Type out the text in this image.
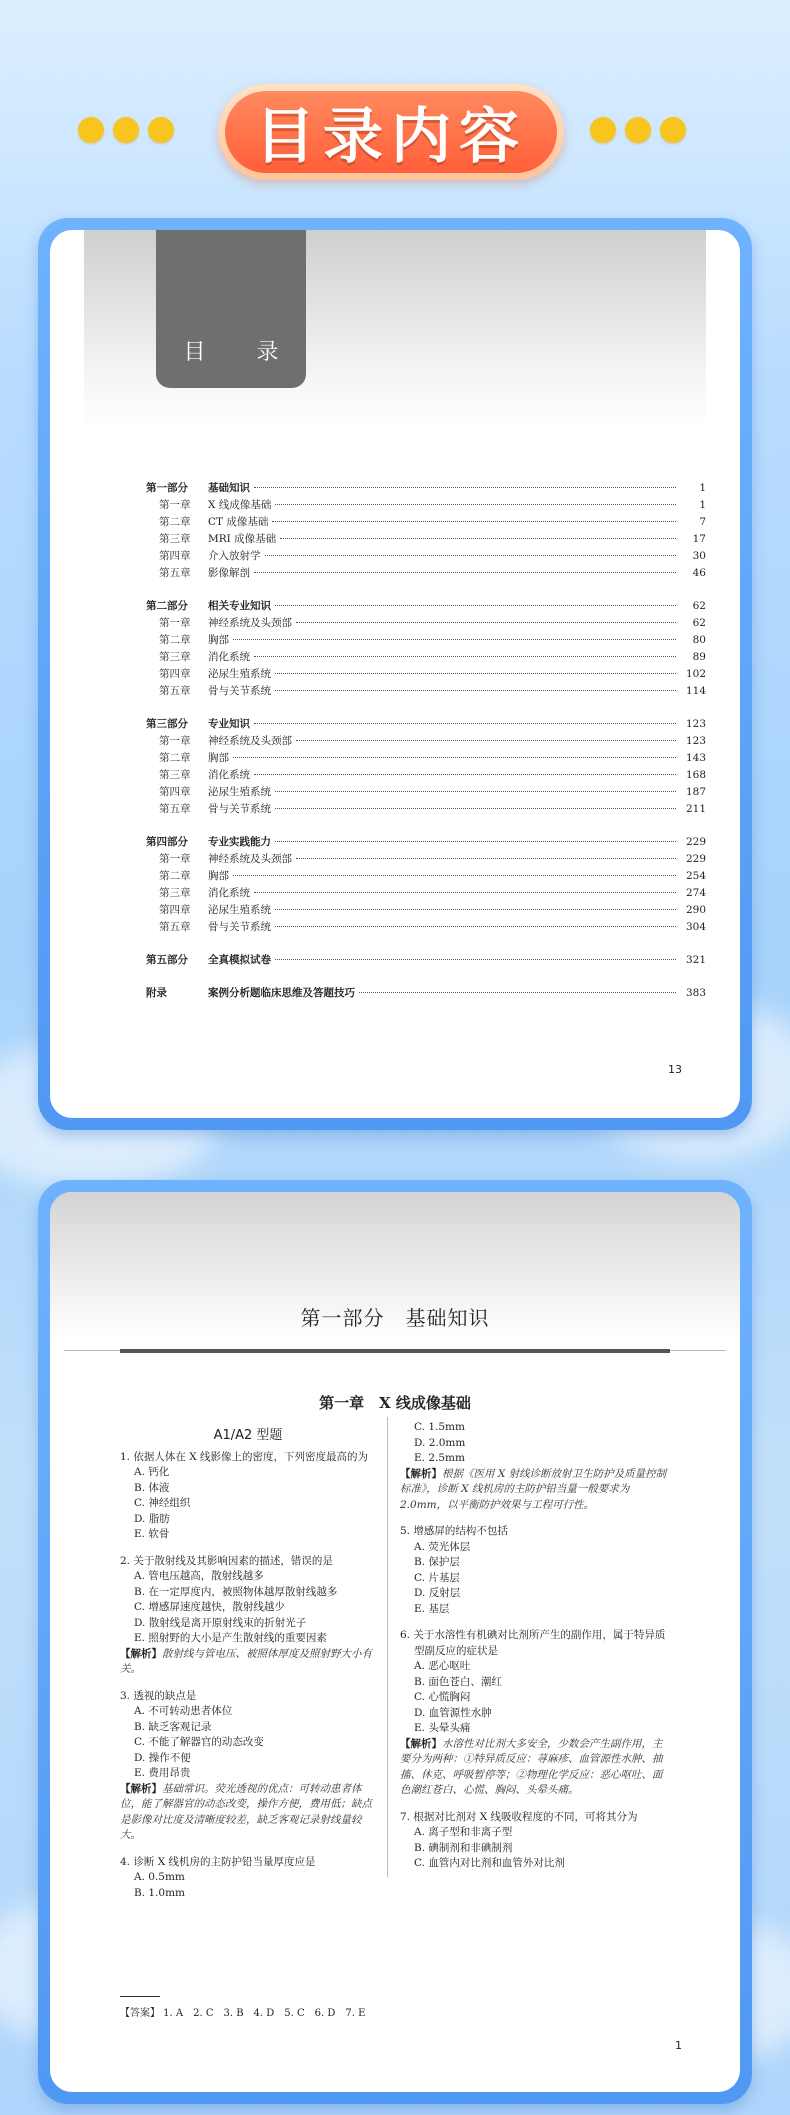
目录内容
目 录
第一部分	基础知识	1
第一章	X 线成像基础	1
第二章	CT 成像基础	7
第三章	MRI 成像基础	17
第四章	介入放射学	30
第五章	影像解剖	46
第二部分	相关专业知识	62
第一章	神经系统及头颈部	62
第二章	胸部	80
第三章	消化系统	89
第四章	泌尿生殖系统	102
第五章	骨与关节系统	114
第三部分	专业知识	123
第一章	神经系统及头颈部	123
第二章	胸部	143
第三章	消化系统	168
第四章	泌尿生殖系统	187
第五章	骨与关节系统	211
第四部分	专业实践能力	229
第一章	神经系统及头颈部	229
第二章	胸部	254
第三章	消化系统	274
第四章	泌尿生殖系统	290
第五章	骨与关节系统	304
第五部分	全真模拟试卷	321
附录	案例分析题临床思维及答题技巧	383
13
第一部分　基础知识
第一章　X 线成像基础
A1/A2 型题
1. 依据人体在 X 线影像上的密度，下列密度最高的为
A. 钙化
B. 体液
C. 神经组织
D. 脂肪
E. 软骨
2. 关于散射线及其影响因素的描述，错误的是
A. 管电压越高，散射线越多
B. 在一定厚度内，被照物体越厚散射线越多
C. 增感屏速度越快，散射线越少
D. 散射线是离开原射线束的折射光子
E. 照射野的大小是产生散射线的重要因素
【解析】散射线与管电压、被照体厚度及照射野大小有关。
3. 透视的缺点是
A. 不可转动患者体位
B. 缺乏客观记录
C. 不能了解器官的动态改变
D. 操作不便
E. 费用昂贵
【解析】基础常识。荧光透视的优点：可转动患者体位，能了解器官的动态改变，操作方便，费用低；缺点是影像对比度及清晰度较差，缺乏客观记录射线量较大。
4. 诊断 X 线机房的主防护铅当量厚度应是
A. 0.5mm
B. 1.0mm
C. 1.5mm
D. 2.0mm
E. 2.5mm
【解析】根据《医用 X 射线诊断放射卫生防护及质量控制标准》，诊断 X 线机房的主防护铅当量一般要求为 2.0mm，以平衡防护效果与工程可行性。
5. 增感屏的结构不包括
A. 荧光体层
B. 保护层
C. 片基层
D. 反射层
E. 基层
6. 关于水溶性有机碘对比剂所产生的副作用，属于特异质型副反应的症状是
A. 恶心呕吐
B. 面色苍白、潮红
C. 心慌胸闷
D. 血管源性水肿
E. 头晕头痛
【解析】水溶性对比剂大多安全，少数会产生副作用，主要分为两种：①特异质反应：荨麻疹、血管源性水肿、抽搐、休克、呼吸暂停等；②物理化学反应：恶心呕吐、面色潮红苍白、心慌、胸闷、头晕头痛。
7. 根据对比剂对 X 线吸收程度的不同，可将其分为
A. 离子型和非离子型
B. 碘制剂和非碘制剂
C. 血管内对比剂和血管外对比剂
【答案】 1. A　2. C　3. B　4. D　5. C　6. D　7. E
1
